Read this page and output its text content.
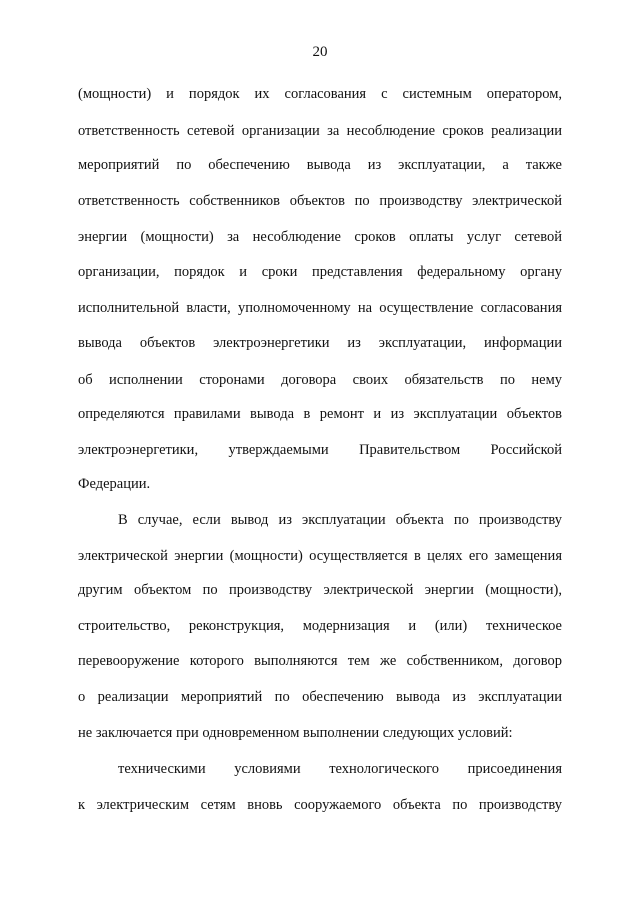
20
(мощности) и порядок их согласования с системным оператором,
ответственность сетевой организации за несоблюдение сроков реализации
мероприятий по обеспечению вывода из эксплуатации, а также
ответственность собственников объектов по производству электрической
энергии (мощности) за несоблюдение сроков оплаты услуг сетевой
организации, порядок и сроки представления федеральному органу
исполнительной власти, уполномоченному на осуществление согласования
вывода объектов электроэнергетики из эксплуатации, информации
об исполнении сторонами договора своих обязательств по нему
определяются правилами вывода в ремонт и из эксплуатации объектов
электроэнергетики, утверждаемыми Правительством Российской
Федерации.
В случае, если вывод из эксплуатации объекта по производству
электрической энергии (мощности) осуществляется в целях его замещения
другим объектом по производству электрической энергии (мощности),
строительство, реконструкция, модернизация и (или) техническое
перевооружение которого выполняются тем же собственником, договор
о реализации мероприятий по обеспечению вывода из эксплуатации
не заключается при одновременном выполнении следующих условий:
техническими условиями технологического присоединения
к электрическим сетям вновь сооружаемого объекта по производству
